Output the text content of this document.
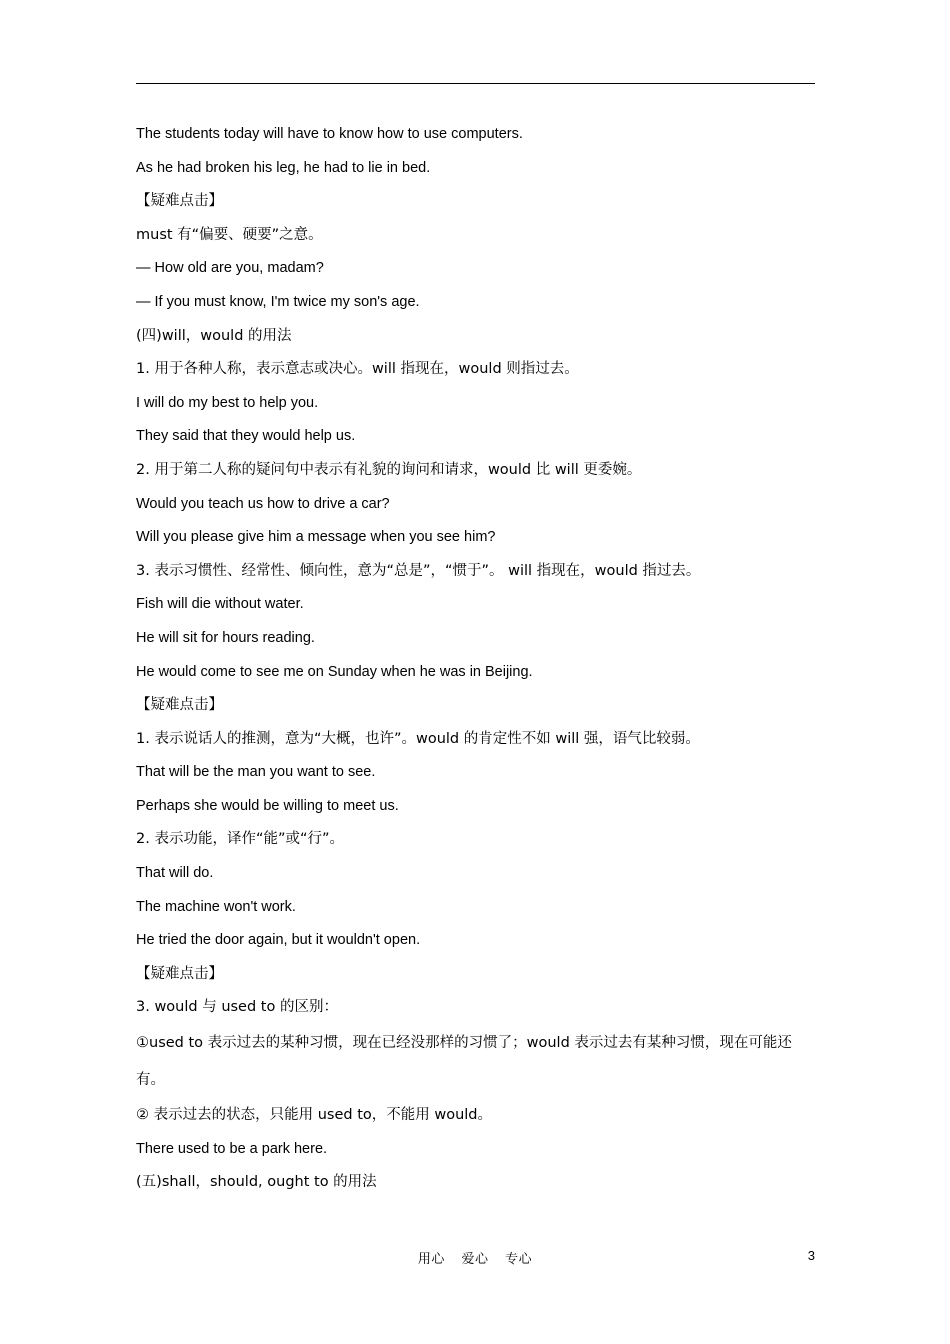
The students today will have to know how to use computers.
As he had broken his leg, he had to lie in bed.
【疑难点击】
must 有“偏要、硬要”之意。
— How old are you, madam?
— If you must know, I'm twice my son's age.
(四)will，would 的用法
1. 用于各种人称，表示意志或决心。will 指现在，would 则指过去。
I will do my best to help you.
They said that they would help us.
2. 用于第二人称的疑问句中表示有礼貌的询问和请求，would 比 will 更委婉。
Would you teach us how to drive a car?
Will you please give him a message when you see him?
3. 表示习惯性、经常性、倾向性，意为“总是”，“惯于”。 will 指现在，would 指过去。
Fish will die without water.
He will sit for hours reading.
He would come to see me on Sunday when he was in Beijing.
【疑难点击】
1. 表示说话人的推测，意为“大概，也许”。would 的肯定性不如 will 强，语气比较弱。
That will be the man you want to see.
Perhaps she would be willing to meet us.
2. 表示功能，译作“能”或“行”。
That will do.
The machine won't work.
He tried the door again, but it wouldn't open.
【疑难点击】
3. would 与 used to 的区别：
①used to 表示过去的某种习惯，现在已经没那样的习惯了；would 表示过去有某种习惯，现在可能还有。
② 表示过去的状态，只能用 used to，不能用 would。
There used to be a park here.
(五)shall，should, ought to 的用法
用心 爱心 专心	3
